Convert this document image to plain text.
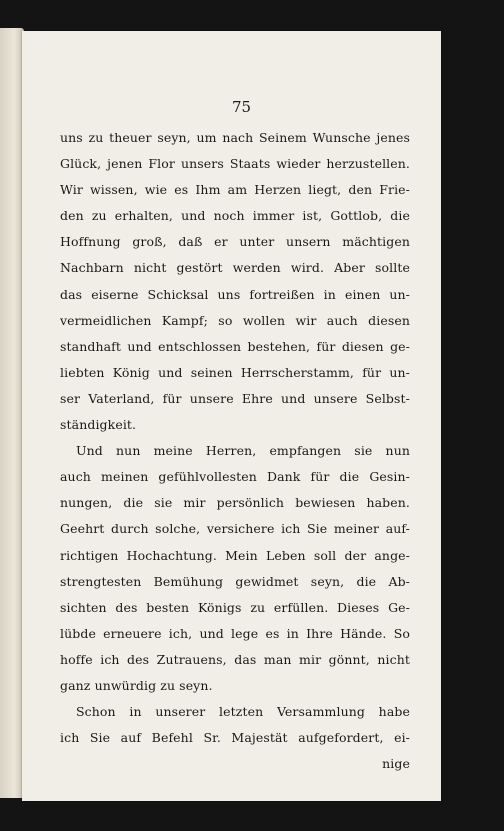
75
uns zu theuer seyn, um nach Seinem Wunsche jenes
Glück, jenen Flor unsers Staats wieder herzustellen.
Wir wissen, wie es Ihm am Herzen liegt, den Frie-
den zu erhalten, und noch immer ist, Gottlob, die
Hoffnung groß, daß er unter unsern mächtigen
Nachbarn nicht gestört werden wird. Aber sollte
das eiserne Schicksal uns fortreißen in einen un-
vermeidlichen Kampf; so wollen wir auch diesen
standhaft und entschlossen bestehen, für diesen ge-
liebten König und seinen Herrscherstamm, für un-
ser Vaterland, für unsere Ehre und unsere Selbst-
ständigkeit.
Und nun meine Herren, empfangen sie nun
auch meinen gefühlvollesten Dank für die Gesin-
nungen, die sie mir persönlich bewiesen haben.
Geehrt durch solche, versichere ich Sie meiner auf-
richtigen Hochachtung. Mein Leben soll der ange-
strengtesten Bemühung gewidmet seyn, die Ab-
sichten des besten Königs zu erfüllen. Dieses Ge-
lübde erneuere ich, und lege es in Ihre Hände. So
hoffe ich des Zutrauens, das man mir gönnt, nicht
ganz unwürdig zu seyn.
Schon in unserer letzten Versammlung habe
ich Sie auf Befehl Sr. Majestät aufgefordert, ei-
nige
